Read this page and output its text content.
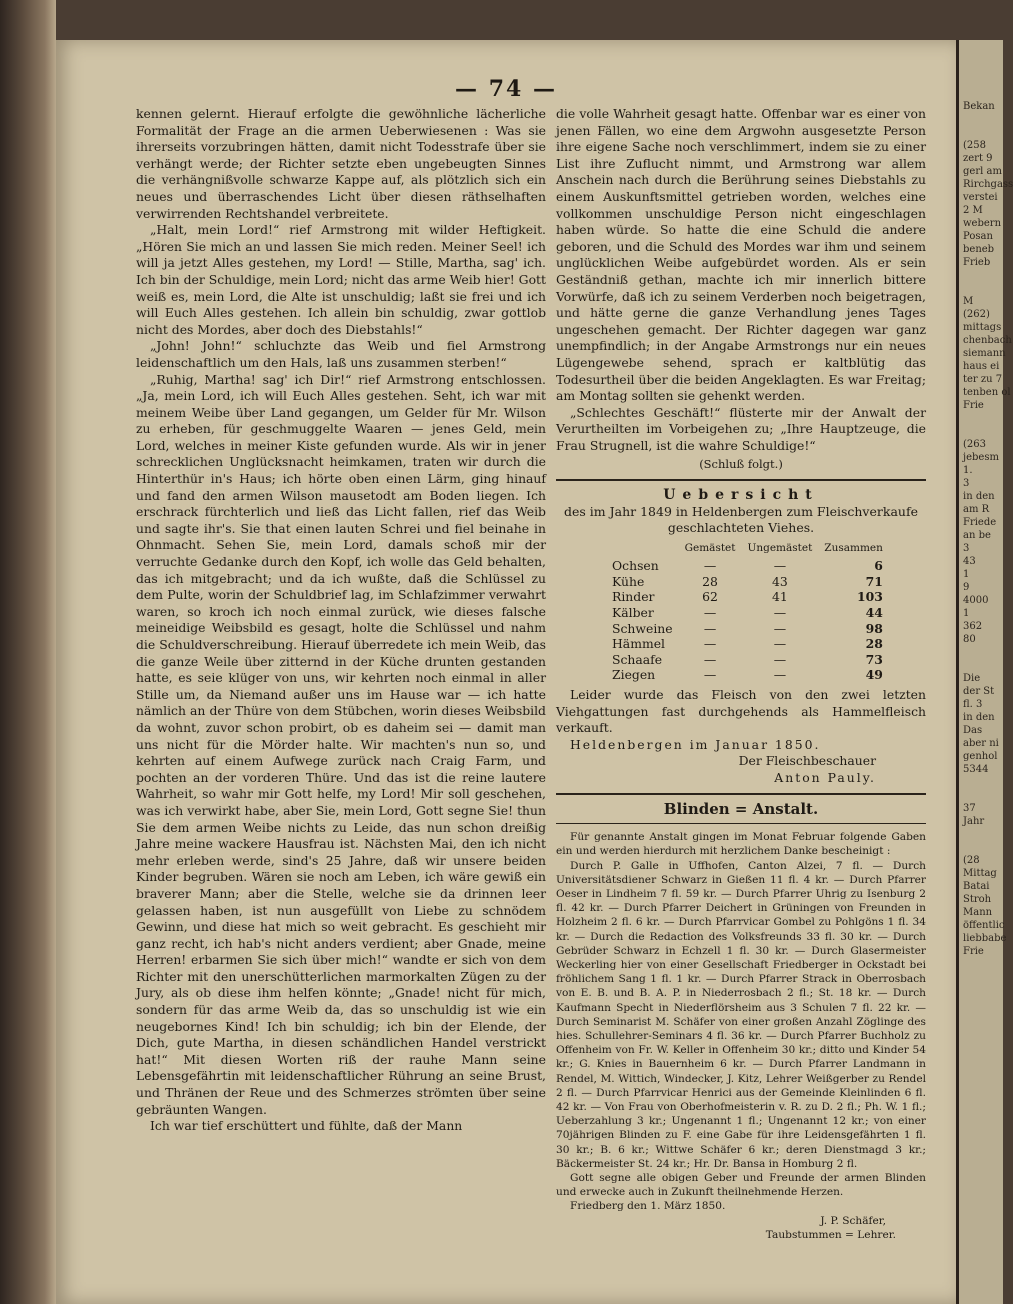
— 74 —

kennen gelernt. Hierauf erfolgte die gewöhnliche lächerliche Formalität der Frage an die armen Ueberwiesenen : Was sie ihrerseits vorzubringen hätten, damit nicht Todesstrafe über sie verhängt werde; der Richter setzte eben ungebeugten Sinnes die verhängnißvolle schwarze Kappe auf, als plötzlich sich ein neues und überraschendes Licht über diesen räthselhaften verwirrenden Rechtshandel verbreitete.

„Halt, mein Lord!“ rief Armstrong mit wilder Heftigkeit. „Hören Sie mich an und lassen Sie mich reden. Meiner Seel! ich will ja jetzt Alles gestehen, my Lord! — Stille, Martha, sag' ich. Ich bin der Schuldige, mein Lord; nicht das arme Weib hier! Gott weiß es, mein Lord, die Alte ist unschuldig; laßt sie frei und ich will Euch Alles gestehen. Ich allein bin schuldig, zwar gottlob nicht des Mordes, aber doch des Diebstahls!“

„John! John!“ schluchzte das Weib und fiel Armstrong leidenschaftlich um den Hals, laß uns zusammen sterben!“

„Ruhig, Martha! sag' ich Dir!“ rief Armstrong entschlossen. „Ja, mein Lord, ich will Euch Alles gestehen. Seht, ich war mit meinem Weibe über Land gegangen, um Gelder für Mr. Wilson zu erheben, für geschmuggelte Waaren — jenes Geld, mein Lord, welches in meiner Kiste gefunden wurde. Als wir in jener schrecklichen Unglücksnacht heimkamen, traten wir durch die Hinterthür in's Haus; ich hörte oben einen Lärm, ging hinauf und fand den armen Wilson mausetodt am Boden liegen. Ich erschrack fürchterlich und ließ das Licht fallen, rief das Weib und sagte ihr's. Sie that einen lauten Schrei und fiel beinahe in Ohnmacht. Sehen Sie, mein Lord, damals schoß mir der verruchte Gedanke durch den Kopf, ich wolle das Geld behalten, das ich mitgebracht; und da ich wußte, daß die Schlüssel zu dem Pulte, worin der Schuldbrief lag, im Schlafzimmer verwahrt waren, so kroch ich noch einmal zurück, wie dieses falsche meineidige Weibsbild es gesagt, holte die Schlüssel und nahm die Schuldverschreibung. Hierauf überredete ich mein Weib, das die ganze Weile über zitternd in der Küche drunten gestanden hatte, es seie klüger von uns, wir kehrten noch einmal in aller Stille um, da Niemand außer uns im Hause war — ich hatte nämlich an der Thüre von dem Stübchen, worin dieses Weibsbild da wohnt, zuvor schon probirt, ob es daheim sei — damit man uns nicht für die Mörder halte. Wir machten's nun so, und kehrten auf einem Aufwege zurück nach Craig Farm, und pochten an der vorderen Thüre. Und das ist die reine lautere Wahrheit, so wahr mir Gott helfe, my Lord! Mir soll geschehen, was ich verwirkt habe, aber Sie, mein Lord, Gott segne Sie! thun Sie dem armen Weibe nichts zu Leide, das nun schon dreißig Jahre meine wackere Hausfrau ist. Nächsten Mai, den ich nicht mehr erleben werde, sind's 25 Jahre, daß wir unsere beiden Kinder begruben. Wären sie noch am Leben, ich wäre gewiß ein braverer Mann; aber die Stelle, welche sie da drinnen leer gelassen haben, ist nun ausgefüllt von Liebe zu schnödem Gewinn, und diese hat mich so weit gebracht. Es geschieht mir ganz recht, ich hab's nicht anders verdient; aber Gnade, meine Herren! erbarmen Sie sich über mich!“ wandte er sich von dem Richter mit den unerschütterlichen marmorkalten Zügen zu der Jury, als ob diese ihm helfen könnte; „Gnade! nicht für mich, sondern für das arme Weib da, das so unschuldig ist wie ein neugebornes Kind! Ich bin schuldig; ich bin der Elende, der Dich, gute Martha, in diesen schändlichen Handel verstrickt hat!“ Mit diesen Worten riß der rauhe Mann seine Lebensgefährtin mit leidenschaftlicher Rührung an seine Brust, und Thränen der Reue und des Schmerzes strömten über seine gebräunten Wangen.

Ich war tief erschüttert und fühlte, daß der Mann

die volle Wahrheit gesagt hatte. Offenbar war es einer von jenen Fällen, wo eine dem Argwohn ausgesetzte Person ihre eigene Sache noch verschlimmert, indem sie zu einer List ihre Zuflucht nimmt, und Armstrong war allem Anschein nach durch die Berührung seines Diebstahls zu einem Auskunftsmittel getrieben worden, welches eine vollkommen unschuldige Person nicht eingeschlagen haben würde. So hatte die eine Schuld die andere geboren, und die Schuld des Mordes war ihm und seinem unglücklichen Weibe aufgebürdet worden. Als er sein Geständniß gethan, machte ich mir innerlich bittere Vorwürfe, daß ich zu seinem Verderben noch beigetragen, und hätte gerne die ganze Verhandlung jenes Tages ungeschehen gemacht. Der Richter dagegen war ganz unempfindlich; in der Angabe Armstrongs nur ein neues Lügengewebe sehend, sprach er kaltblütig das Todesurtheil über die beiden Angeklagten. Es war Freitag; am Montag sollten sie gehenkt werden.

„Schlechtes Geschäft!“ flüsterte mir der Anwalt der Verurtheilten im Vorbeigehen zu; „Ihre Hauptzeuge, die Frau Strugnell, ist die wahre Schuldige!“

(Schluß folgt.)
Uebersicht
des im Jahr 1849 in Heldenbergen zum Fleischverkaufe
geschlachteten Viehes.
	Gemästet	Ungemästet	Zusammen
Ochsen	—	—	6
Kühe	28	43	71
Rinder	62	41	103
Kälber	—	—	44
Schweine	—	—	98
Hämmel	—	—	28
Schaafe	—	—	73
Ziegen	—	—	49

Leider wurde das Fleisch von den zwei letzten Viehgattungen fast durchgehends als Hammelfleisch verkauft.

Heldenbergen im Januar 1850.

Der Fleischbeschauer
Anton Pauly.
Blinden = Anstalt.

Für genannte Anstalt gingen im Monat Februar folgende Gaben ein und werden hierdurch mit herzlichem Danke bescheinigt :

Durch P. Galle in Uffhofen, Canton Alzei, 7 fl. — Durch Universitätsdiener Schwarz in Gießen 11 fl. 4 kr. — Durch Pfarrer Oeser in Lindheim 7 fl. 59 kr. — Durch Pfarrer Uhrig zu Isenburg 2 fl. 42 kr. — Durch Pfarrer Deichert in Grüningen von Freunden in Holzheim 2 fl. 6 kr. — Durch Pfarrvicar Gombel zu Pohlgöns 1 fl. 34 kr. — Durch die Redaction des Volksfreunds 33 fl. 30 kr. — Durch Gebrüder Schwarz in Echzell 1 fl. 30 kr. — Durch Glasermeister Weckerling hier von einer Gesellschaft Friedberger in Ockstadt bei fröhlichem Sang 1 fl. 1 kr. — Durch Pfarrer Strack in Oberrosbach von E. B. und B. A. P. in Niederrosbach 2 fl.; St. 18 kr. — Durch Kaufmann Specht in Niederflörsheim aus 3 Schulen 7 fl. 22 kr. — Durch Seminarist M. Schäfer von einer großen Anzahl Zöglinge des hies. Schullehrer-Seminars 4 fl. 36 kr. — Durch Pfarrer Buchholz zu Offenheim von Fr. W. Keller in Offenheim 30 kr.; ditto und Kinder 54 kr.; G. Knies in Bauernheim 6 kr. — Durch Pfarrer Landmann in Rendel, M. Wittich, Windecker, J. Kitz, Lehrer Weißgerber zu Rendel 2 fl. — Durch Pfarrvicar Henrici aus der Gemeinde Kleinlinden 6 fl. 42 kr. — Von Frau von Oberhofmeisterin v. R. zu D. 2 fl.; Ph. W. 1 fl.; Ueberzahlung 3 kr.; Ungenannt 1 fl.; Ungenannt 12 kr.; von einer 70jährigen Blinden zu F. eine Gabe für ihre Leidensgefährten 1 fl. 30 kr.; B. 6 kr.; Wittwe Schäfer 6 kr.; deren Dienstmagd 3 kr.; Bäckermeister St. 24 kr.; Hr. Dr. Bansa in Homburg 2 fl.

Gott segne alle obigen Geber und Freunde der armen Blinden und erwecke auch in Zukunft theilnehmende Herzen.

Friedberg den 1. März 1850.

J. P. Schäfer,

Taubstummen = Lehrer.

Bekan

(258
zert 9
gerl am
Rirchgass
verstei
2 M
webern
Posan
beneb
Frieb

M
(262)
mittags
chenbach
siemann
haus ei
ter zu 7
tenben ol
Frie

(263
jebesm
1.
3
in den
am R
Friede
an be
3
43
1
9
4000
1
362
80

Die
der St
fl. 3
in den
Das
aber ni
genhol
5344

37
Jahr

(28
Mittag
Batai
Stroh
Mann
öffentlic
liebbabe
Frie
